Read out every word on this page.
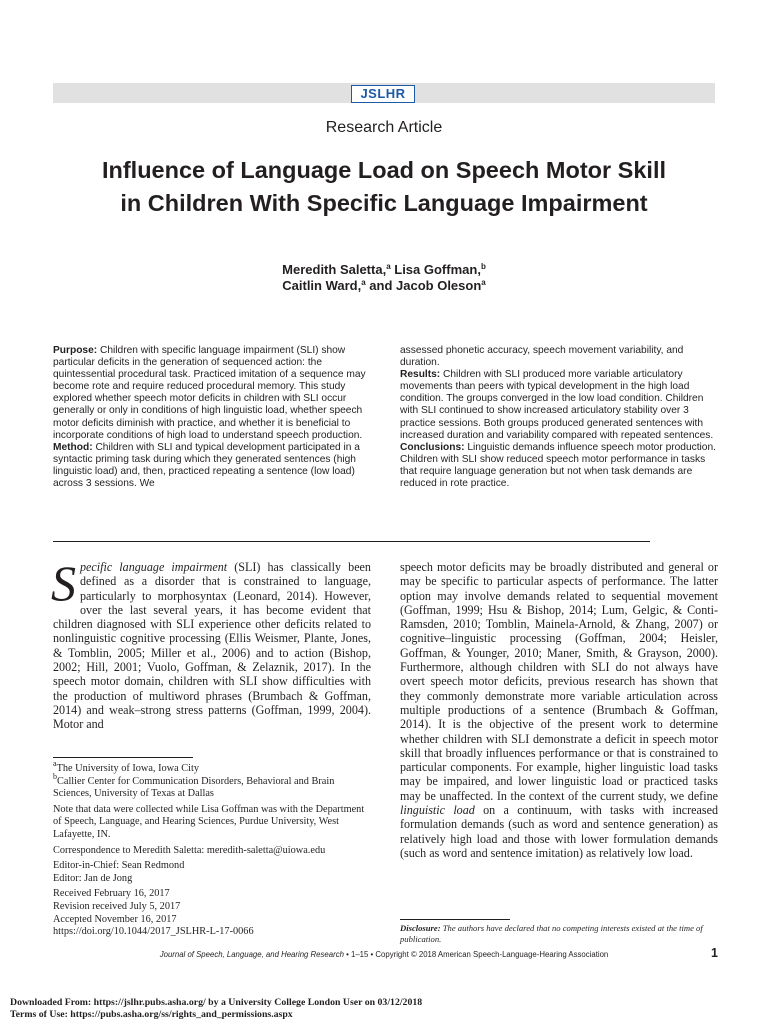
JSLHR
Research Article
Influence of Language Load on Speech Motor Skill in Children With Specific Language Impairment
Meredith Saletta,$^a$ Lisa Goffman,$^b$
Caitlin Ward,$^a$ and Jacob Oleson$^a$

Purpose: Children with specific language impairment (SLI) show particular deficits in the generation of sequenced action: the quintessential procedural task. Practiced imitation of a sequence may become rote and require reduced procedural memory. This study explored whether speech motor deficits in children with SLI occur generally or only in conditions of high linguistic load, whether speech motor deficits diminish with practice, and whether it is beneficial to incorporate conditions of high load to understand speech production.

Method: Children with SLI and typical development participated in a syntactic priming task during which they generated sentences (high linguistic load) and, then, practiced repeating a sentence (low load) across 3 sessions. We

assessed phonetic accuracy, speech movement variability, and duration.

Results: Children with SLI produced more variable articulatory movements than peers with typical development in the high load condition. The groups converged in the low load condition. Children with SLI continued to show increased articulatory stability over 3 practice sessions. Both groups produced generated sentences with increased duration and variability compared with repeated sentences.

Conclusions: Linguistic demands influence speech motor production. Children with SLI show reduced speech motor performance in tasks that require language generation but not when task demands are reduced in rote practice.

Specific language impairment (SLI) has classically been defined as a disorder that is constrained to language, particularly to morphosyntax (Leonard, 2014). However, over the last several years, it has become evident that children diagnosed with SLI experience other deficits related to nonlinguistic cognitive processing (Ellis Weismer, Plante, Jones, & Tomblin, 2005; Miller et al., 2006) and to action (Bishop, 2002; Hill, 2001; Vuolo, Goffman, & Zelaznik, 2017). In the speech motor domain, children with SLI show difficulties with the production of multiword phrases (Brumbach & Goffman, 2014) and weak–strong stress patterns (Goffman, 1999, 2004). Motor and

$^a$The University of Iowa, Iowa City
$^b$Callier Center for Communication Disorders, Behavioral and Brain Sciences, University of Texas at Dallas

Note that data were collected while Lisa Goffman was with the Department of Speech, Language, and Hearing Sciences, Purdue University, West Lafayette, IN.

Correspondence to Meredith Saletta: meredith-saletta@uiowa.edu

Editor-in-Chief: Sean Redmond
Editor: Jan de Jong

Received February 16, 2017
Revision received July 5, 2017
Accepted November 16, 2017
https://doi.org/10.1044/2017_JSLHR-L-17-0066

speech motor deficits may be broadly distributed and general or may be specific to particular aspects of performance. The latter option may involve demands related to sequential movement (Goffman, 1999; Hsu & Bishop, 2014; Lum, Gelgic, & Conti-Ramsden, 2010; Tomblin, Mainela-Arnold, & Zhang, 2007) or cognitive–linguistic processing (Goffman, 2004; Heisler, Goffman, & Younger, 2010; Maner, Smith, & Grayson, 2000). Furthermore, although children with SLI do not always have overt speech motor deficits, previous research has shown that they commonly demonstrate more variable articulation across multiple productions of a sentence (Brumbach & Goffman, 2014). It is the objective of the present work to determine whether children with SLI demonstrate a deficit in speech motor skill that broadly influences performance or that is constrained to particular components. For example, higher linguistic load tasks may be impaired, and lower linguistic load or practiced tasks may be unaffected. In the context of the current study, we define linguistic load on a continuum, with tasks with increased formulation demands (such as word and sentence generation) as relatively high load and those with lower formulation demands (such as word and sentence imitation) as relatively low load.

Disclosure: The authors have declared that no competing interests existed at the time of publication.
Journal of Speech, Language, and Hearing Research • 1–15 • Copyright © 2018 American Speech-Language-Hearing Association	1
Downloaded From: https://jslhr.pubs.asha.org/ by a University College London User on 03/12/2018
Terms of Use: https://pubs.asha.org/ss/rights_and_permissions.aspx
